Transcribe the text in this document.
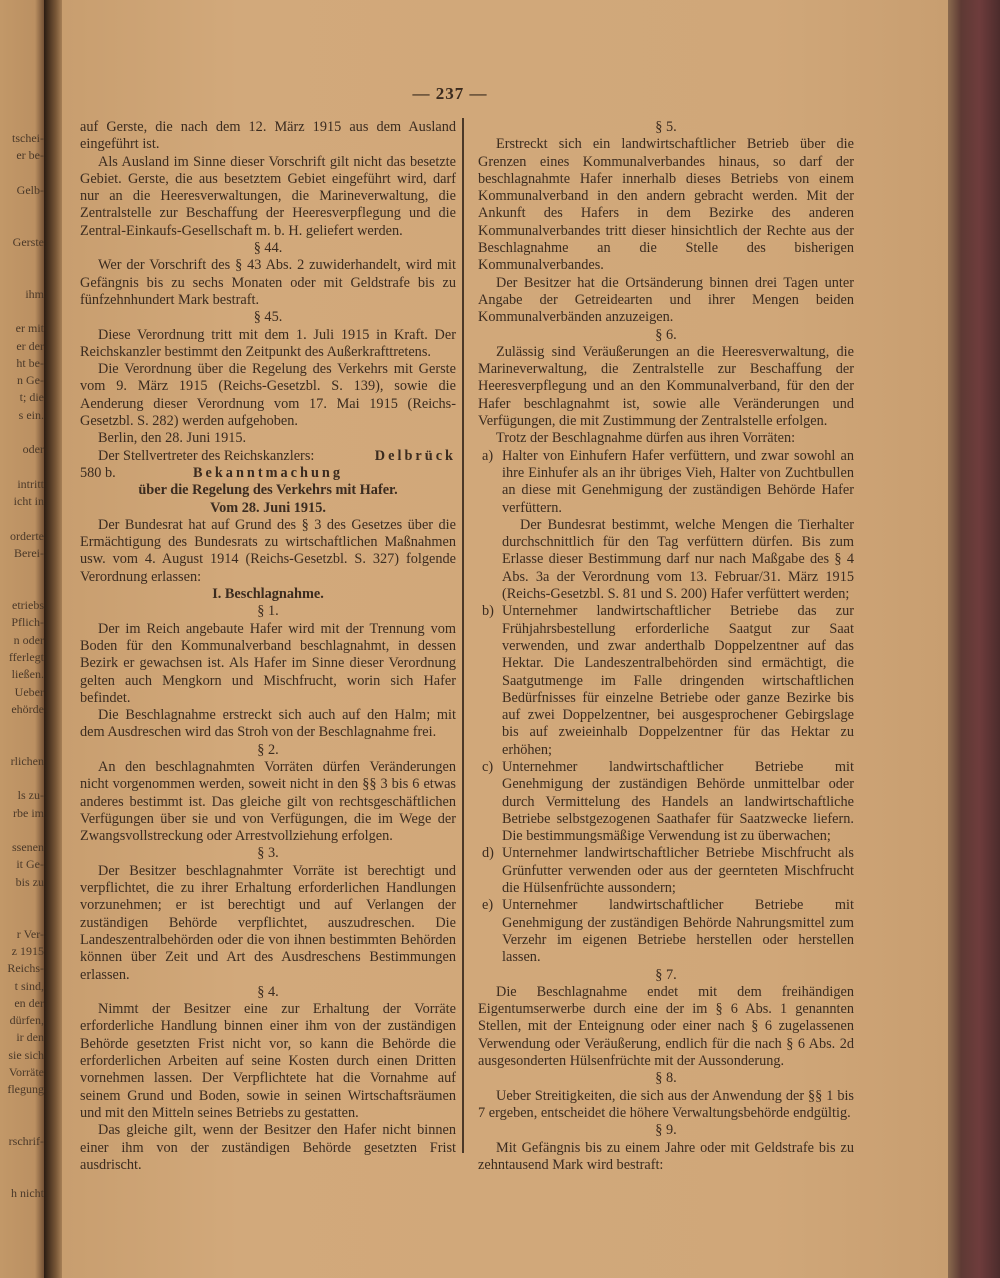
tschei-
er be-
Gelb-
Gerste
ihm
er mit
er der
ht be-
n Ge-
t; die
s ein.
oder
intritt
icht in
orderte
Berei-
etriebs
Pflich-
n oder
fferlegt
ließen.
Ueber
ehörde
rlichen
ls zu-
rbe im
ssenen
it Ge-
bis zu
r Ver-
z 1915
Reichs-
t sind,
en der
dürfen,
ir den
sie sich
Vorräte
flegung
rschrif-
h nicht
— 237 —

auf Gerste, die nach dem 12. März 1915 aus dem Ausland eingeführt ist.

Als Ausland im Sinne dieser Vorschrift gilt nicht das besetzte Gebiet. Gerste, die aus besetztem Gebiet eingeführt wird, darf nur an die Heeresverwaltungen, die Marineverwaltung, die Zentralstelle zur Beschaffung der Heeresverpflegung und die Zentral-Einkaufs-Gesellschaft m. b. H. geliefert werden.

§ 44.

Wer der Vorschrift des § 43 Abs. 2 zuwiderhandelt, wird mit Gefängnis bis zu sechs Monaten oder mit Geldstrafe bis zu fünfzehnhundert Mark bestraft.

§ 45.

Diese Verordnung tritt mit dem 1. Juli 1915 in Kraft. Der Reichskanzler bestimmt den Zeitpunkt des Außerkrafttretens.

Die Verordnung über die Regelung des Verkehrs mit Gerste vom 9. März 1915 (Reichs-Gesetzbl. S. 139), sowie die Aenderung dieser Verordnung vom 17. Mai 1915 (Reichs-Gesetzbl. S. 282) werden aufgehoben.

Berlin, den 28. Juni 1915.

Der Stellvertreter des Reichskanzlers:	Delbrück
580 b.	Bekanntmachung

über die Regelung des Verkehrs mit Hafer.

Vom 28. Juni 1915.

Der Bundesrat hat auf Grund des § 3 des Gesetzes über die Ermächtigung des Bundesrats zu wirtschaftlichen Maßnahmen usw. vom 4. August 1914 (Reichs-Gesetzbl. S. 327) folgende Verordnung erlassen:

I. Beschlagnahme.

§ 1.

Der im Reich angebaute Hafer wird mit der Trennung vom Boden für den Kommunalverband beschlagnahmt, in dessen Bezirk er gewachsen ist. Als Hafer im Sinne dieser Verordnung gelten auch Mengkorn und Mischfrucht, worin sich Hafer befindet.

Die Beschlagnahme erstreckt sich auch auf den Halm; mit dem Ausdreschen wird das Stroh von der Beschlagnahme frei.

§ 2.

An den beschlagnahmten Vorräten dürfen Veränderungen nicht vorgenommen werden, soweit nicht in den §§ 3 bis 6 etwas anderes bestimmt ist. Das gleiche gilt von rechtsgeschäftlichen Verfügungen über sie und von Verfügungen, die im Wege der Zwangsvollstreckung oder Arrestvollziehung erfolgen.

§ 3.

Der Besitzer beschlagnahmter Vorräte ist berechtigt und verpflichtet, die zu ihrer Erhaltung erforderlichen Handlungen vorzunehmen; er ist berechtigt und auf Verlangen der zuständigen Behörde verpflichtet, auszudreschen. Die Landeszentralbehörden oder die von ihnen bestimmten Behörden können über Zeit und Art des Ausdreschens Bestimmungen erlassen.

§ 4.

Nimmt der Besitzer eine zur Erhaltung der Vorräte erforderliche Handlung binnen einer ihm von der zuständigen Behörde gesetzten Frist nicht vor, so kann die Behörde die erforderlichen Arbeiten auf seine Kosten durch einen Dritten vornehmen lassen. Der Verpflichtete hat die Vornahme auf seinem Grund und Boden, sowie in seinen Wirtschaftsräumen und mit den Mitteln seines Betriebs zu gestatten.

Das gleiche gilt, wenn der Besitzer den Hafer nicht binnen einer ihm von der zuständigen Behörde gesetzten Frist ausdrischt.

§ 5.

Erstreckt sich ein landwirtschaftlicher Betrieb über die Grenzen eines Kommunalverbandes hinaus, so darf der beschlagnahmte Hafer innerhalb dieses Betriebs von einem Kommunalverband in den andern gebracht werden. Mit der Ankunft des Hafers in dem Bezirke des anderen Kommunalverbandes tritt dieser hinsichtlich der Rechte aus der Beschlagnahme an die Stelle des bisherigen Kommunalverbandes.

Der Besitzer hat die Ortsänderung binnen drei Tagen unter Angabe der Getreidearten und ihrer Mengen beiden Kommunalverbänden anzuzeigen.

§ 6.

Zulässig sind Veräußerungen an die Heeresverwaltung, die Marineverwaltung, die Zentralstelle zur Beschaffung der Heeresverpflegung und an den Kommunalverband, für den der Hafer beschlagnahmt ist, sowie alle Veränderungen und Verfügungen, die mit Zustimmung der Zentralstelle erfolgen.

Trotz der Beschlagnahme dürfen aus ihren Vorräten:

a) Halter von Einhufern Hafer verfüttern, und zwar sowohl an ihre Einhufer als an ihr übriges Vieh, Halter von Zuchtbullen an diese mit Genehmigung der zuständigen Behörde Hafer verfüttern.

Der Bundesrat bestimmt, welche Mengen die Tierhalter durchschnittlich für den Tag verfüttern dürfen. Bis zum Erlasse dieser Bestimmung darf nur nach Maßgabe des § 4 Abs. 3a der Verordnung vom 13. Februar/31. März 1915 (Reichs-Gesetzbl. S. 81 und S. 200) Hafer verfüttert werden;

b) Unternehmer landwirtschaftlicher Betriebe das zur Frühjahrsbestellung erforderliche Saatgut zur Saat verwenden, und zwar anderthalb Doppelzentner auf das Hektar. Die Landeszentralbehörden sind ermächtigt, die Saatgutmenge im Falle dringenden wirtschaftlichen Bedürfnisses für einzelne Betriebe oder ganze Bezirke bis auf zwei Doppelzentner, bei ausgesprochener Gebirgslage bis auf zweieinhalb Doppelzentner für das Hektar zu erhöhen;
c) Unternehmer landwirtschaftlicher Betriebe mit Genehmigung der zuständigen Behörde unmittelbar oder durch Vermittelung des Handels an landwirtschaftliche Betriebe selbstgezogenen Saathafer für Saatzwecke liefern. Die bestimmungsmäßige Verwendung ist zu überwachen;
d) Unternehmer landwirtschaftlicher Betriebe Mischfrucht als Grünfutter verwenden oder aus der geernteten Mischfrucht die Hülsenfrüchte aussondern;
e) Unternehmer landwirtschaftlicher Betriebe mit Genehmigung der zuständigen Behörde Nahrungsmittel zum Verzehr im eigenen Betriebe herstellen oder herstellen lassen.

§ 7.

Die Beschlagnahme endet mit dem freihändigen Eigentumserwerbe durch eine der im § 6 Abs. 1 genannten Stellen, mit der Enteignung oder einer nach § 6 zugelassenen Verwendung oder Veräußerung, endlich für die nach § 6 Abs. 2d ausgesonderten Hülsenfrüchte mit der Aussonderung.

§ 8.

Ueber Streitigkeiten, die sich aus der Anwendung der §§ 1 bis 7 ergeben, entscheidet die höhere Verwaltungsbehörde endgültig.

§ 9.

Mit Gefängnis bis zu einem Jahre oder mit Geldstrafe bis zu zehntausend Mark wird bestraft:
